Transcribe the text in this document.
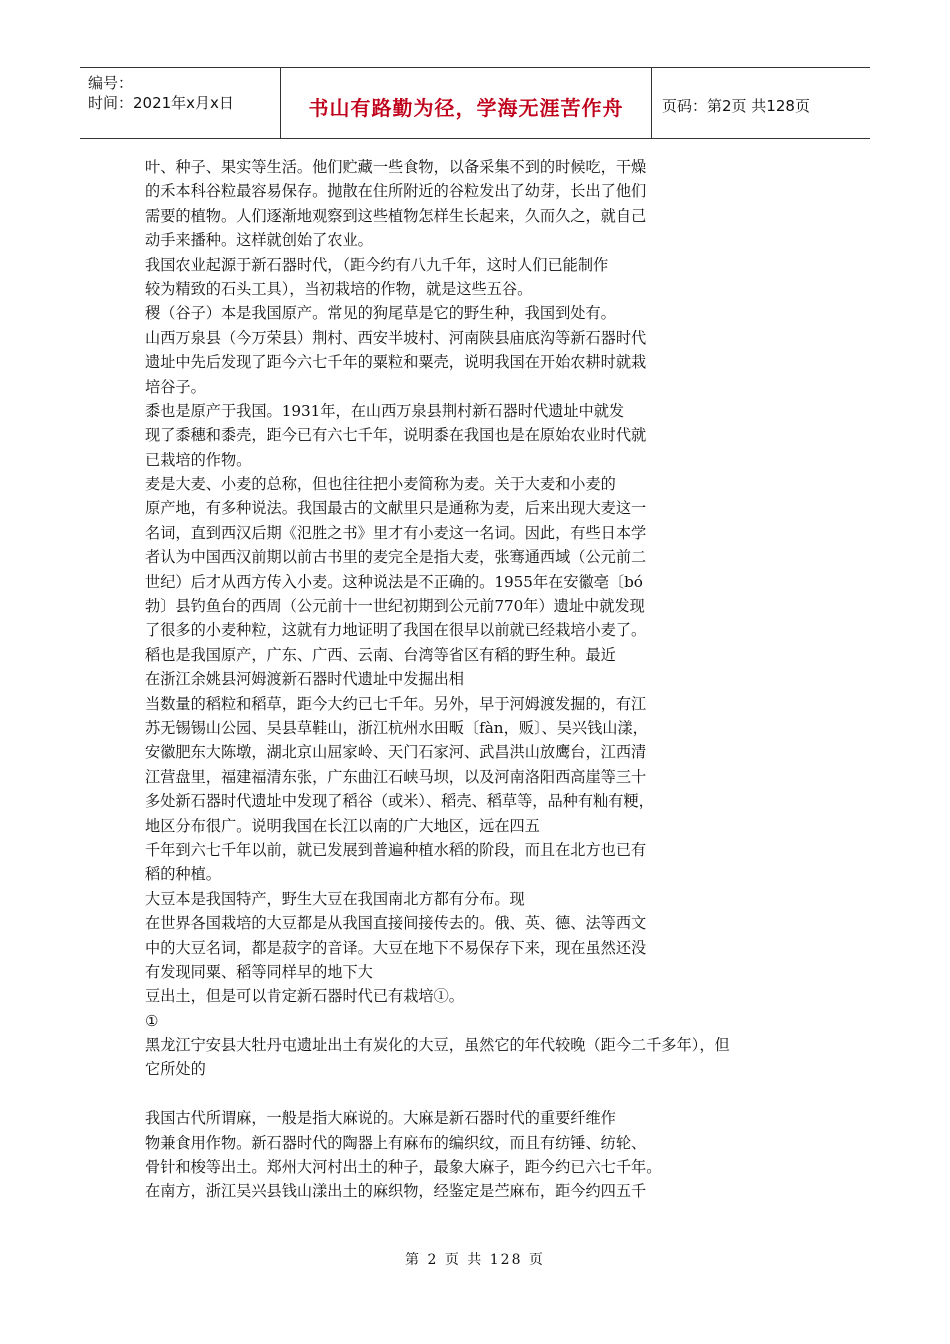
编号：
时间：2021年x月x日	书山有路勤为径，学海无涯苦作舟	页码：第2页 共128页
叶、种子、果实等生活。他们贮藏一些食物，以备采集不到的时候吃，干燥
的禾本科谷粒最容易保存。抛散在住所附近的谷粒发出了幼芽，长出了他们
需要的植物。人们逐渐地观察到这些植物怎样生长起来，久而久之，就自己
动手来播种。这样就创始了农业。
我国农业起源于新石器时代，（距今约有八九千年，这时人们已能制作
较为精致的石头工具），当初栽培的作物，就是这些五谷。
稷（谷子）本是我国原产。常见的狗尾草是它的野生种，我国到处有。
山西万泉县（今万荣县）荆村、西安半坡村、河南陕县庙底沟等新石器时代
遗址中先后发现了距今六七千年的粟粒和粟壳，说明我国在开始农耕时就栽
培谷子。
黍也是原产于我国。1931年，在山西万泉县荆村新石器时代遗址中就发
现了黍穗和黍壳，距今已有六七千年，说明黍在我国也是在原始农业时代就
已栽培的作物。
麦是大麦、小麦的总称，但也往往把小麦简称为麦。关于大麦和小麦的
原产地，有多种说法。我国最古的文献里只是通称为麦，后来出现大麦这一
名词，直到西汉后期《氾胜之书》里才有小麦这一名词。因此，有些日本学
者认为中国西汉前期以前古书里的麦完全是指大麦，张骞通西域（公元前二
世纪）后才从西方传入小麦。这种说法是不正确的。1955年在安徽亳〔bó
勃〕县钓鱼台的西周（公元前十一世纪初期到公元前770年）遗址中就发现
了很多的小麦种粒，这就有力地证明了我国在很早以前就已经栽培小麦了。
稻也是我国原产，广东、广西、云南、台湾等省区有稻的野生种。最近
在浙江余姚县河姆渡新石器时代遗址中发掘出相
当数量的稻粒和稻草，距今大约已七千年。另外，早于河姆渡发掘的，有江
苏无锡锡山公园、吴县草鞋山，浙江杭州水田畈〔fàn，贩〕、吴兴钱山漾，
安徽肥东大陈墩，湖北京山屈家岭、天门石家河、武昌洪山放鹰台，江西清
江营盘里，福建福清东张，广东曲江石峡马坝，以及河南洛阳西高崖等三十
多处新石器时代遗址中发现了稻谷（或米）、稻壳、稻草等，品种有籼有粳，
地区分布很广。说明我国在长江以南的广大地区，远在四五
千年到六七千年以前，就已发展到普遍种植水稻的阶段，而且在北方也已有
稻的种植。
大豆本是我国特产，野生大豆在我国南北方都有分布。现
在世界各国栽培的大豆都是从我国直接间接传去的。俄、英、德、法等西文
中的大豆名词，都是菽字的音译。大豆在地下不易保存下来，现在虽然还没
有发现同粟、稻等同样早的地下大
豆出土，但是可以肯定新石器时代已有栽培①。
①
黑龙江宁安县大牡丹屯遗址出土有炭化的大豆，虽然它的年代较晚（距今二千多年），但
它所处的
我国古代所谓麻，一般是指大麻说的。大麻是新石器时代的重要纤维作
物兼食用作物。新石器时代的陶器上有麻布的编织纹，而且有纺锤、纺轮、
骨针和梭等出土。郑州大河村出土的种子，最象大麻子，距今约已六七千年。
在南方，浙江吴兴县钱山漾出土的麻织物，经鉴定是苎麻布，距今约四五千
第 2 页 共 128 页
